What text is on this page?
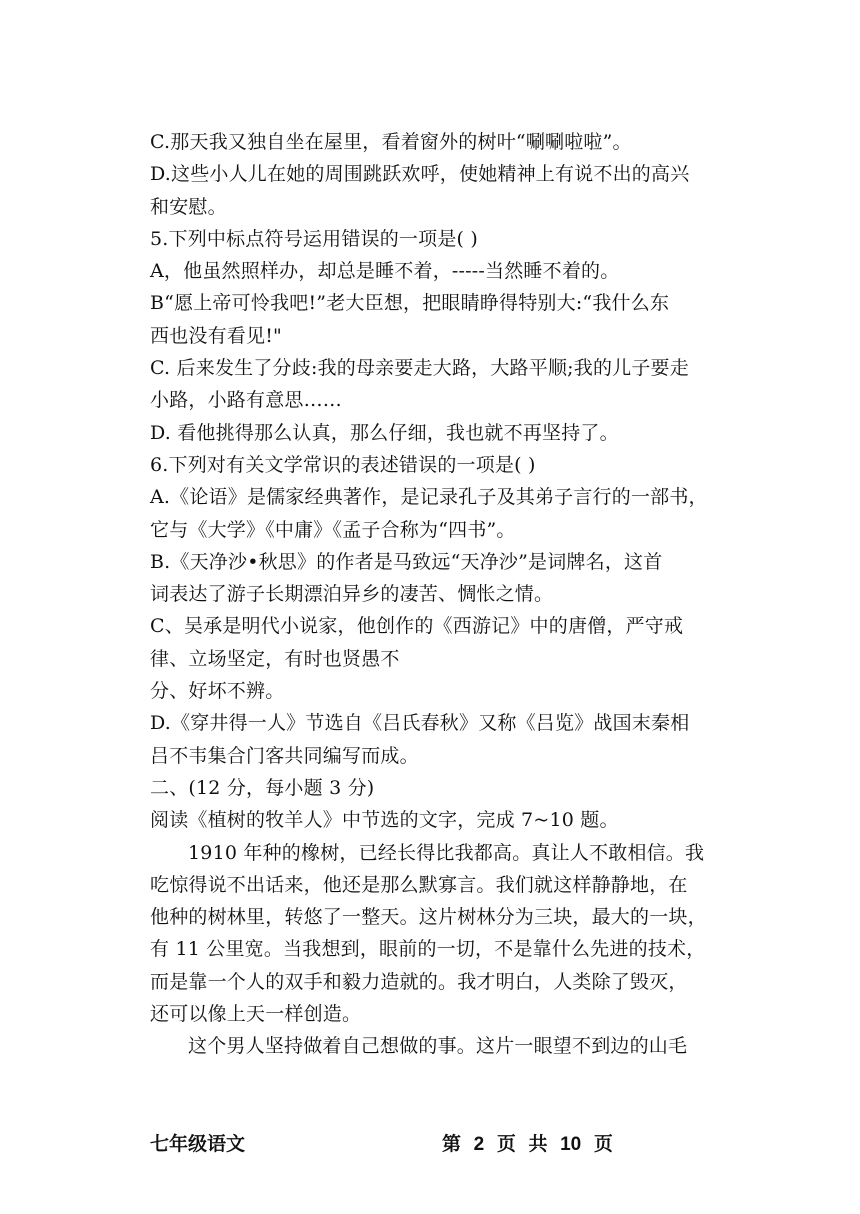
C.那天我又独自坐在屋里，看着窗外的树叶“唰唰啦啦”。
D.这些小人儿在她的周围跳跃欢呼，使她精神上有说不出的高兴
和安慰。
5.下列中标点符号运用错误的一项是( )
A，他虽然照样办，却总是睡不着，-----当然睡不着的。
B“愿上帝可怜我吧!”老大臣想，把眼睛睁得特别大:“我什么东
西也没有看见!"
C. 后来发生了分歧:我的母亲要走大路，大路平顺;我的儿子要走
小路，小路有意思……
D. 看他挑得那么认真，那么仔细，我也就不再坚持了。
6.下列对有关文学常识的表述错误的一项是( )
A.《论语》是儒家经典著作，是记录孔子及其弟子言行的一部书，
它与《大学》《中庸》《孟子合称为“四书”。
B.《天净沙•秋思》的作者是马致远“天净沙”是词牌名，这首
词表达了游子长期漂泊异乡的凄苦、惆怅之情。
C、吴承是明代小说家，他创作的《西游记》中的唐僧，严守戒
律、立场坚定，有时也贤愚不
分、好坏不辨。
D.《穿井得一人》节选自《吕氏春秋》又称《吕览》战国末秦相
吕不韦集合门客共同编写而成。
二、(12 分，每小题 3 分)
阅读《植树的牧羊人》中节选的文字，完成 7~10 题。
1910 年种的橡树，已经长得比我都高。真让人不敢相信。我
吃惊得说不出话来，他还是那么默寡言。我们就这样静静地，在
他种的树林里，转悠了一整天。这片树林分为三块，最大的一块，
有 11 公里宽。当我想到，眼前的一切，不是靠什么先进的技术，
而是靠一个人的双手和毅力造就的。我才明白，人类除了毁灭，
还可以像上天一样创造。
这个男人坚持做着自己想做的事。这片一眼望不到边的山毛
七年级语文	第 2 页 共 10 页
